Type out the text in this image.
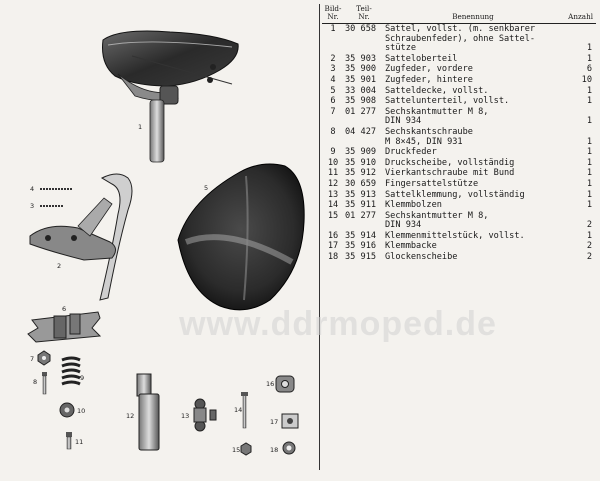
1
4
3
2
5
6
7
8	9
10
11
12	13
14
15
16
17
18
Bild-
Nr.	Teil-
Nr.	Benennung	Anzahl
1	30 658	Sattel, vollst. (m. senkbarer
Schraubenfeder), ohne Sattel-
stütze	1
2	35 903	Satteloberteil	1
3	35 900	Zugfeder, vordere	6
4	35 901	Zugfeder, hintere	10
5	33 004	Satteldecke, vollst.	1
6	35 908	Sattelunterteil, vollst.	1
7	01 277	Sechskantmutter M 8,
DIN 934	1
8	04 427	Sechskantschraube
M 8×45, DIN 931	1
9	35 909	Druckfeder	1
10	35 910	Druckscheibe, vollständig	1
11	35 912	Vierkantschraube mit Bund	1
12	30 659	Fingersattelstütze	1
13	35 913	Sattelklemmung, vollständig	1
14	35 911	Klemmbolzen	1
15	01 277	Sechskantmutter M 8,
DIN 934	2
16	35 914	Klemmenmittelstück, vollst.	1
17	35 916	Klemmbacke	2
18	35 915	Glockenscheibe	2
www.ddrmoped.de
